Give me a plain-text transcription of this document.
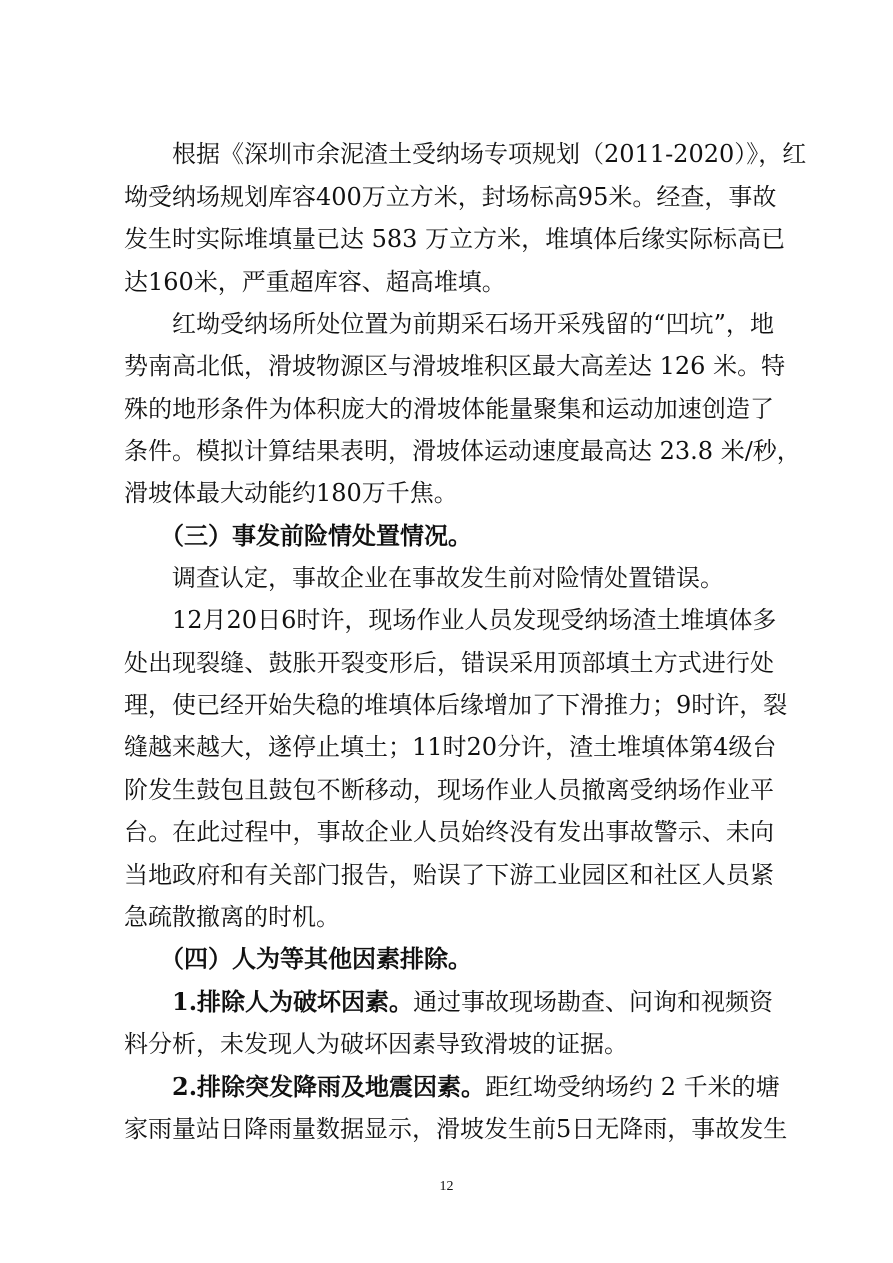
根据《深圳市余泥渣土受纳场专项规划（2011-2020）》，红
坳受纳场规划库容400万立方米，封场标高95米。经查，事故
发生时实际堆填量已达 583 万立方米，堆填体后缘实际标高已
达160米，严重超库容、超高堆填。
红坳受纳场所处位置为前期采石场开采残留的“凹坑”，地
势南高北低，滑坡物源区与滑坡堆积区最大高差达 126 米。特
殊的地形条件为体积庞大的滑坡体能量聚集和运动加速创造了
条件。模拟计算结果表明，滑坡体运动速度最高达 23.8 米/秒，
滑坡体最大动能约180万千焦。
（三）事发前险情处置情况。
调查认定，事故企业在事故发生前对险情处置错误。
12月20日6时许，现场作业人员发现受纳场渣土堆填体多
处出现裂缝、鼓胀开裂变形后，错误采用顶部填土方式进行处
理，使已经开始失稳的堆填体后缘增加了下滑推力；9时许，裂
缝越来越大，遂停止填土；11时20分许，渣土堆填体第4级台
阶发生鼓包且鼓包不断移动，现场作业人员撤离受纳场作业平
台。在此过程中，事故企业人员始终没有发出事故警示、未向
当地政府和有关部门报告，贻误了下游工业园区和社区人员紧
急疏散撤离的时机。
（四）人为等其他因素排除。
1.排除人为破坏因素。通过事故现场勘查、问询和视频资
料分析，未发现人为破坏因素导致滑坡的证据。
2.排除突发降雨及地震因素。距红坳受纳场约 2 千米的塘
家雨量站日降雨量数据显示，滑坡发生前5日无降雨，事故发生
12
